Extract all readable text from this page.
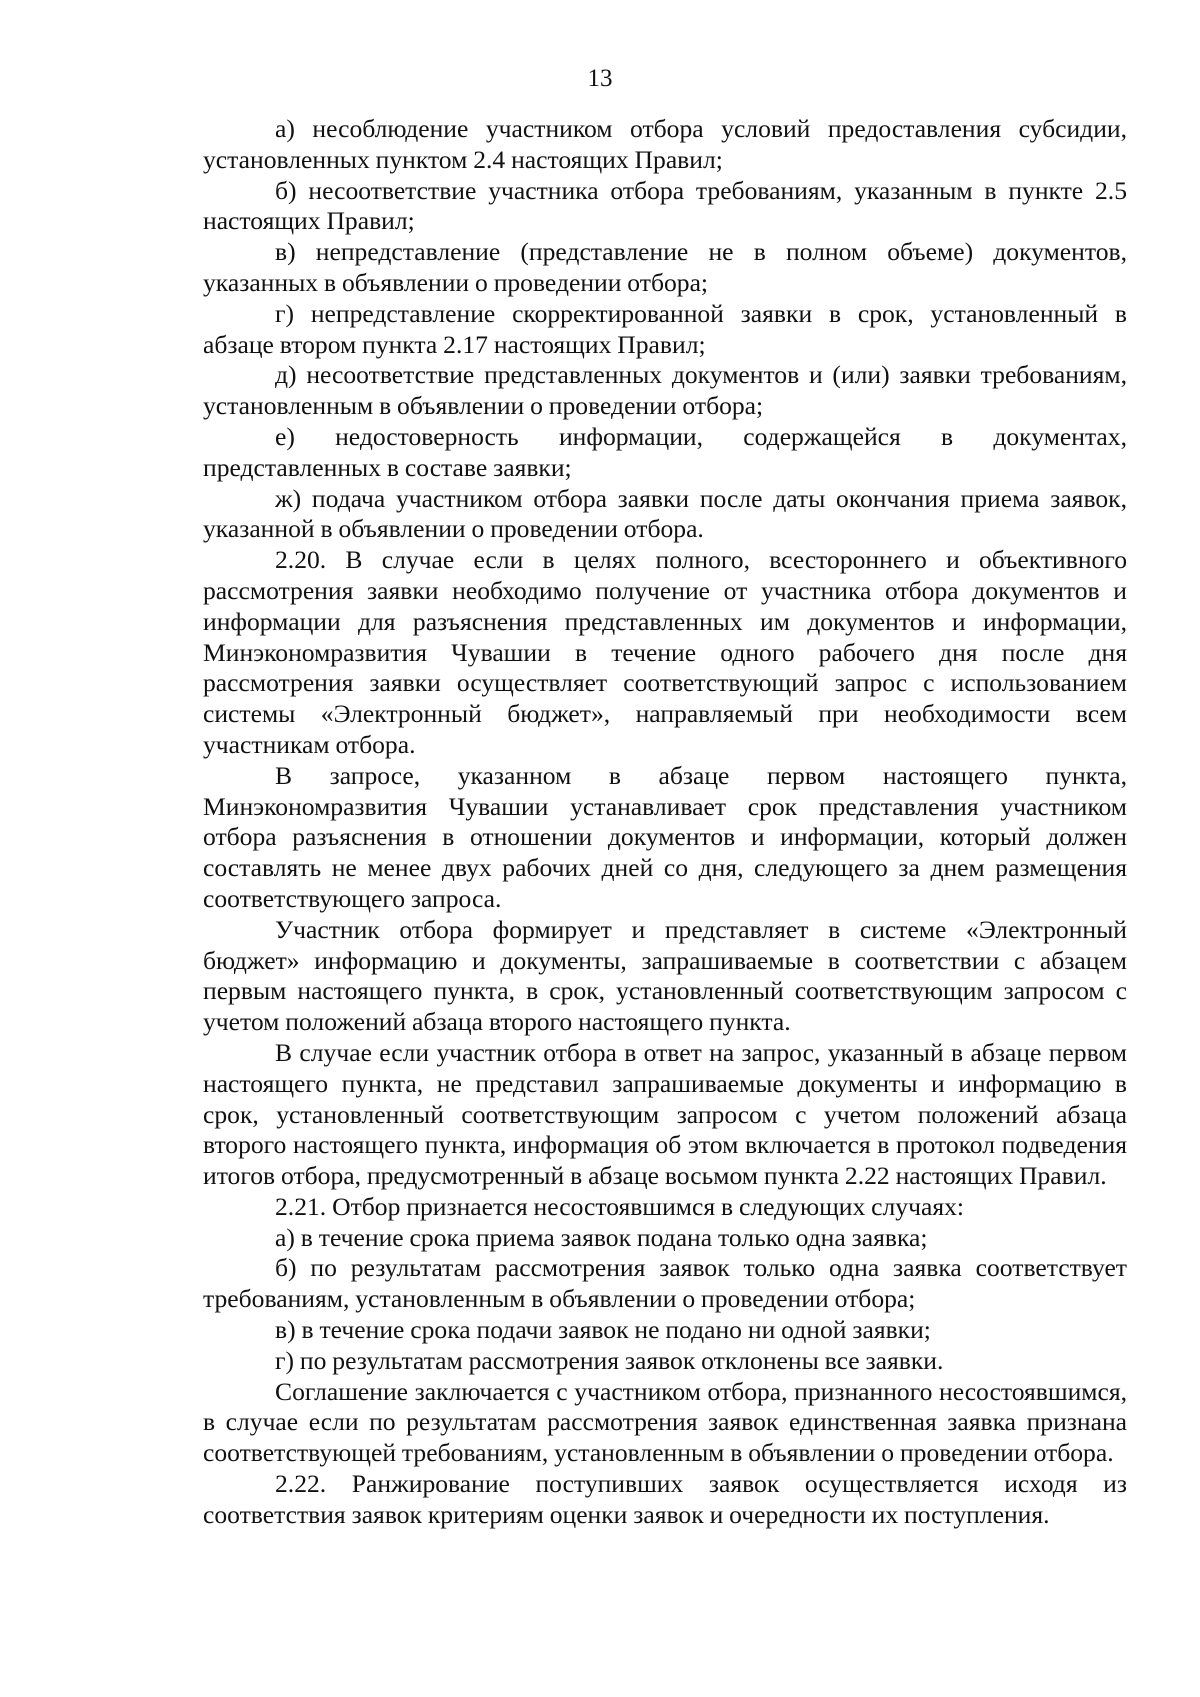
13

а) несоблюдение участником отбора условий предоставления субсидии, установленных пунктом 2.4 настоящих Правил;

б) несоответствие участника отбора требованиям, указанным в пункте 2.5 настоящих Правил;

в) непредставление (представление не в полном объеме) документов, указанных в объявлении о проведении отбора;

г) непредставление скорректированной заявки в срок, установленный в абзаце втором пункта 2.17 настоящих Правил;

д) несоответствие представленных документов и (или) заявки требованиям, установленным в объявлении о проведении отбора;

е) недостоверность информации, содержащейся в документах, представленных в составе заявки;

ж) подача участником отбора заявки после даты окончания приема заявок, указанной в объявлении о проведении отбора.

2.20. В случае если в целях полного, всестороннего и объективного рассмотрения заявки необходимо получение от участника отбора документов и информации для разъяснения представленных им документов и информации, Минэкономразвития Чувашии в течение одного рабочего дня после дня рассмотрения заявки осуществляет соответствующий запрос с использованием системы «Электронный бюджет», направляемый при необходимости всем участникам отбора.

В запросе, указанном в абзаце первом настоящего пункта, Минэкономразвития Чувашии устанавливает срок представления участником отбора разъяснения в отношении документов и информации, который должен составлять не менее двух рабочих дней со дня, следующего за днем размещения соответствующего запроса.

Участник отбора формирует и представляет в системе «Электронный бюджет» информацию и документы, запрашиваемые в соответствии с абзацем первым настоящего пункта, в срок, установленный соответствующим запросом с учетом положений абзаца второго настоящего пункта.

В случае если участник отбора в ответ на запрос, указанный в абзаце первом настоящего пункта, не представил запрашиваемые документы и информацию в срок, установленный соответствующим запросом с учетом положений абзаца второго настоящего пункта, информация об этом включается в протокол подведения итогов отбора, предусмотренный в абзаце восьмом пункта 2.22 настоящих Правил.

2.21. Отбор признается несостоявшимся в следующих случаях:

а) в течение срока приема заявок подана только одна заявка;

б) по результатам рассмотрения заявок только одна заявка соответствует требованиям, установленным в объявлении о проведении отбора;

в) в течение срока подачи заявок не подано ни одной заявки;

г) по результатам рассмотрения заявок отклонены все заявки.

Соглашение заключается с участником отбора, признанного несостоявшимся, в случае если по результатам рассмотрения заявок единственная заявка признана соответствующей требованиям, установленным в объявлении о проведении отбора.

2.22. Ранжирование поступивших заявок осуществляется исходя из соответствия заявок критериям оценки заявок и очередности их поступления.
